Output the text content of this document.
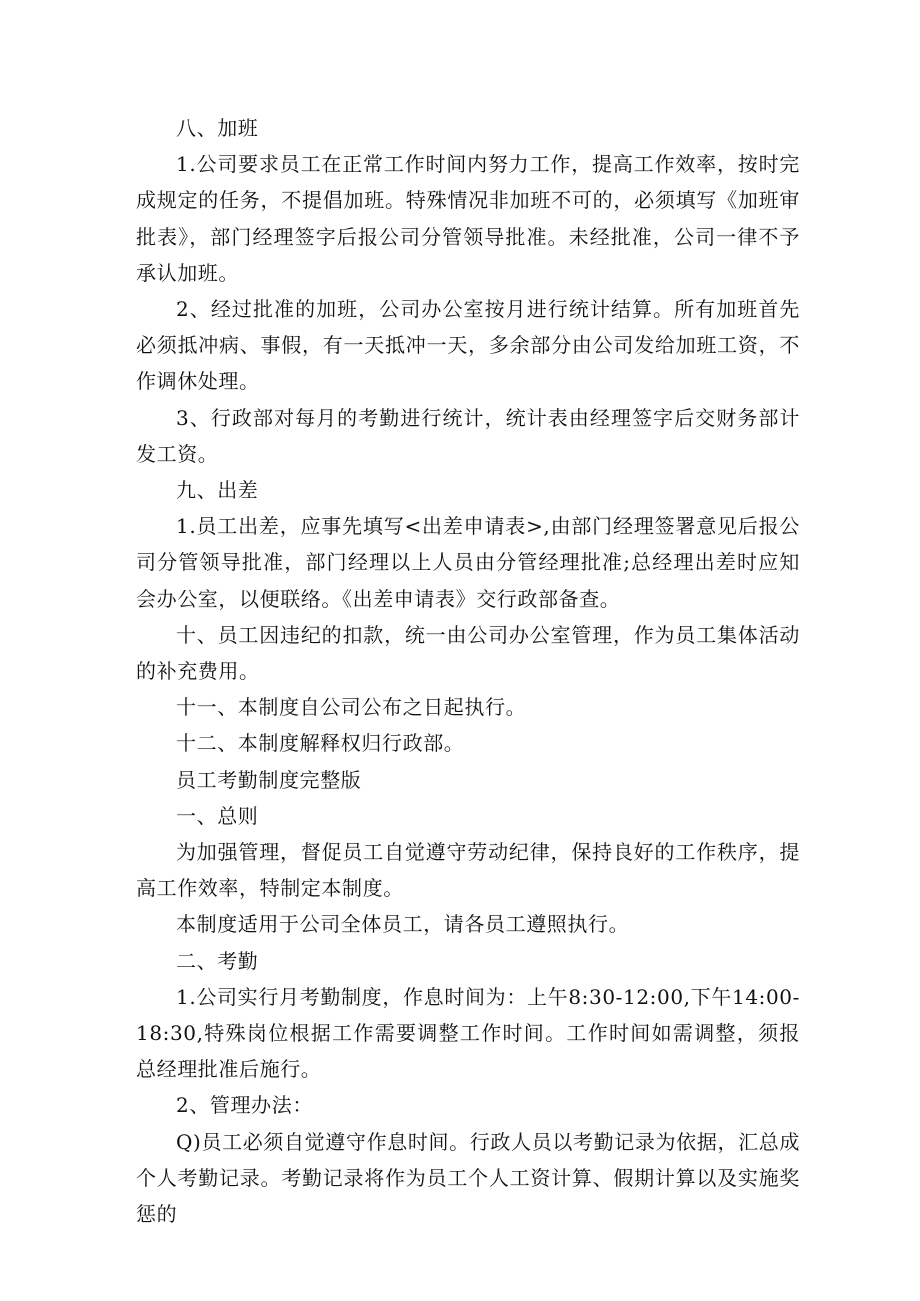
八、加班

1.公司要求员工在正常工作时间内努力工作，提高工作效率，按时完成规定的任务，不提倡加班。特殊情况非加班不可的，必须填写《加班审批表》，部门经理签字后报公司分管领导批准。未经批准，公司一律不予承认加班。

2、经过批准的加班，公司办公室按月进行统计结算。所有加班首先必须抵冲病、事假，有一天抵冲一天，多余部分由公司发给加班工资，不作调休处理。

3、行政部对每月的考勤进行统计，统计表由经理签字后交财务部计发工资。

九、出差

1.员工出差，应事先填写<出差申请表>,由部门经理签署意见后报公司分管领导批准，部门经理以上人员由分管经理批准;总经理出差时应知会办公室，以便联络。《出差申请表》交行政部备查。

十、员工因违纪的扣款，统一由公司办公室管理，作为员工集体活动的补充费用。

十一、本制度自公司公布之日起执行。

十二、本制度解释权归行政部。

员工考勤制度完整版

一、总则

为加强管理，督促员工自觉遵守劳动纪律，保持良好的工作秩序，提高工作效率，特制定本制度。

本制度适用于公司全体员工，请各员工遵照执行。

二、考勤

1.公司实行月考勤制度，作息时间为：上午8:30-12:00,下午14:00-18:30,特殊岗位根据工作需要调整工作时间。工作时间如需调整，须报总经理批准后施行。

2、管理办法：

Q)员工必须自觉遵守作息时间。行政人员以考勤记录为依据，汇总成个人考勤记录。考勤记录将作为员工个人工资计算、假期计算以及实施奖惩的
